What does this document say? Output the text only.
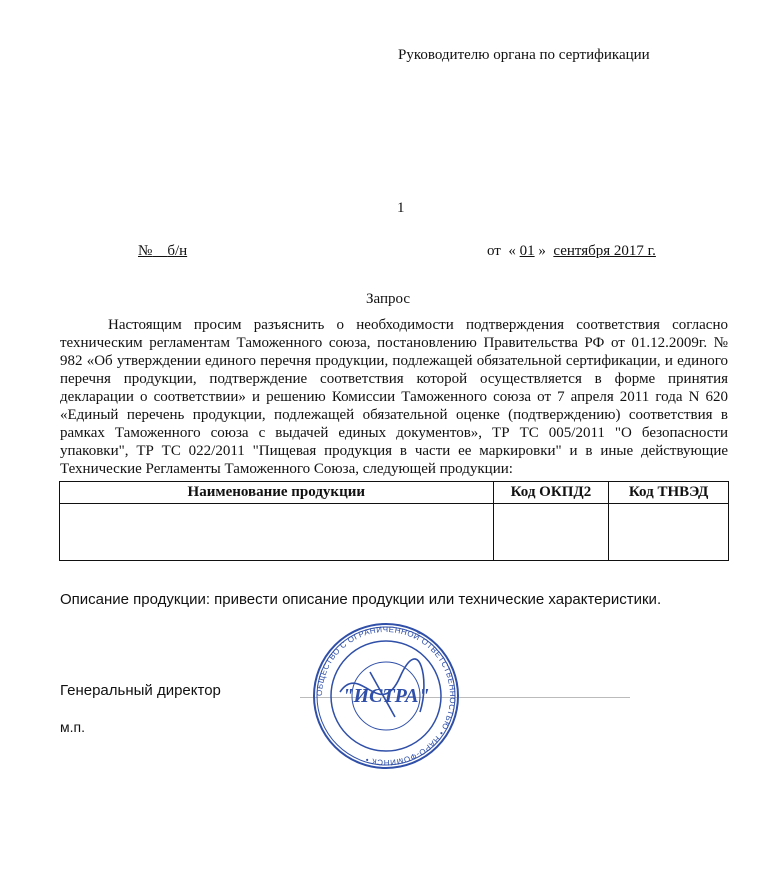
Руководителю органа по сертификации
1
№ б/н	от « 01 » сентября 2017 г.
Запрос
Настоящим просим разъяснить о необходимости подтверждения соответствия согласно техническим регламентам Таможенного союза, постановлению Правительства РФ от 01.12.2009г. № 982 «Об утверждении единого перечня продукции, подлежащей обязательной сертификации, и единого перечня продукции, подтверждение соответствия которой осуществляется в форме принятия декларации о соответствии» и решению Комиссии Таможенного союза от 7 апреля 2011 года N 620 «Единый перечень продукции, подлежащей обязательной оценке (подтверждению) соответствия в рамках Таможенного союза с выдачей единых документов», ТР ТС 005/2011 "О безопасности упаковки", ТР ТС 022/2011 "Пищевая продукция в части ее маркировки" и в иные действующие Технические Регламенты Таможенного Союза, следующей продукции:
Наименование продукции	Код ОКПД2	Код ТНВЭД

Описание продукции: привести описание продукции или технические характеристики.
Генеральный директор
м.п.
ОБЩЕСТВО С ОГРАНИЧЕННОЙ ОТВЕТСТВЕННОСТЬЮ • НАРО-ФОМИНСК •
"ИСТРА"
